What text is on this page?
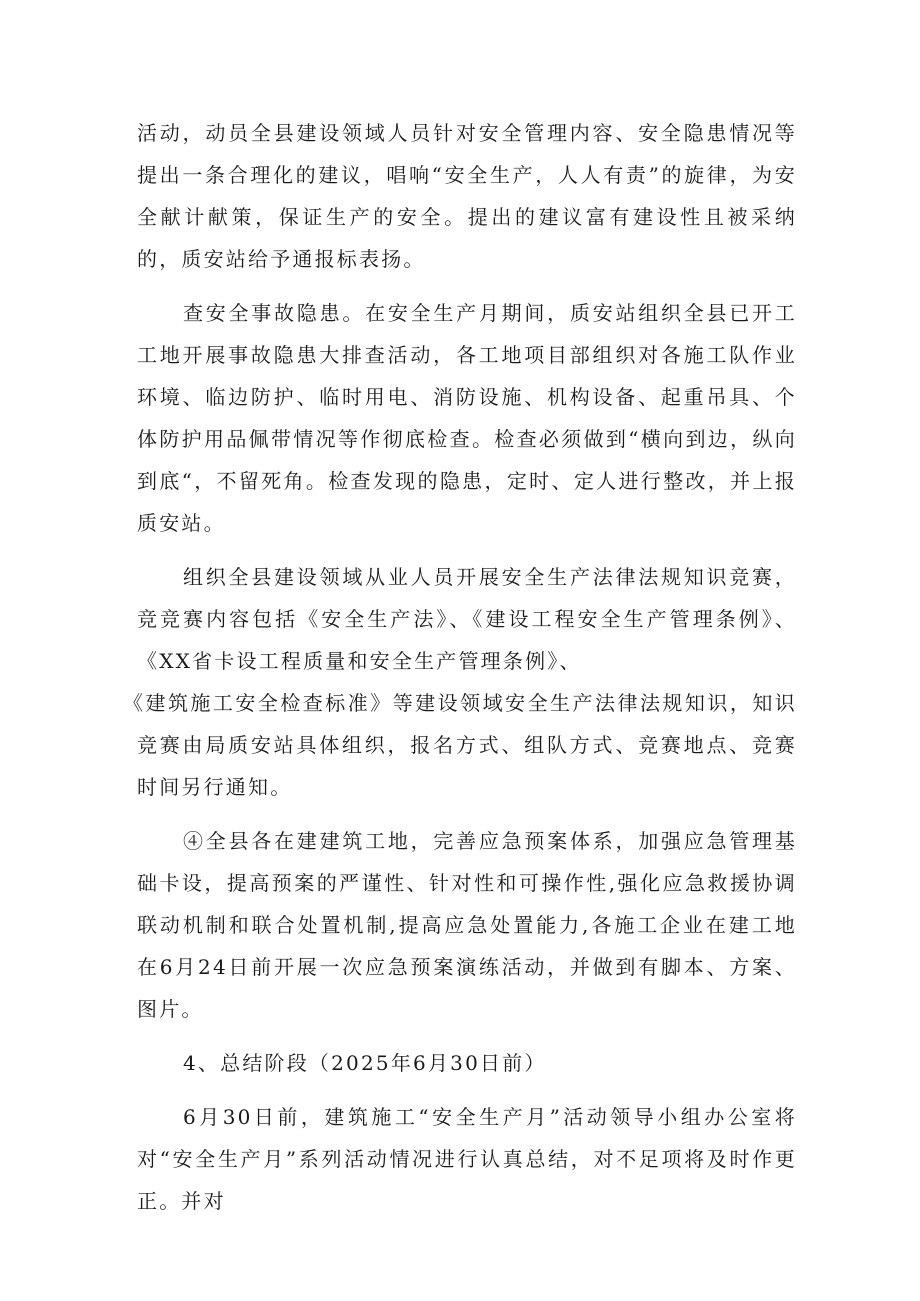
活动，动员全县建设领域人员针对安全管理内容、安全隐患情况等提出一条合理化的建议，唱响“安全生产，人人有责”的旋律，为安全献计献策，保证生产的安全。提出的建议富有建设性且被采纳的，质安站给予通报标表扬。

查安全事故隐患。在安全生产月期间，质安站组织全县已开工工地开展事故隐患大排查活动，各工地项目部组织对各施工队作业环境、临边防护、临时用电、消防设施、机构设备、起重吊具、个体防护用品佩带情况等作彻底检查。检查必须做到“横向到边，纵向到底“，不留死角。检查发现的隐患，定时、定人进行整改，并上报质安站。

组织全县建设领域从业人员开展安全生产法律法规知识竞赛，竞竞赛内容包括《安全生产法》、《建设工程安全生产管理条例》、《XX省卡设工程质量和安全生产管理条例》、

《建筑施工安全检查标准》等建设领域安全生产法律法规知识，知识竞赛由局质安站具体组织，报名方式、组队方式、竞赛地点、竞赛时间另行通知。

④全县各在建建筑工地，完善应急预案体系，加强应急管理基础卡设，提高预案的严谨性、针对性和可操作性,强化应急救援协调联动机制和联合处置机制,提高应急处置能力,各施工企业在建工地在6月24日前开展一次应急预案演练活动，并做到有脚本、方案、图片。

4、总结阶段（2025年6月30日前）

6月30日前，建筑施工“安全生产月”活动领导小组办公室将对“安全生产月”系列活动情况进行认真总结，对不足项将及时作更正。并对
